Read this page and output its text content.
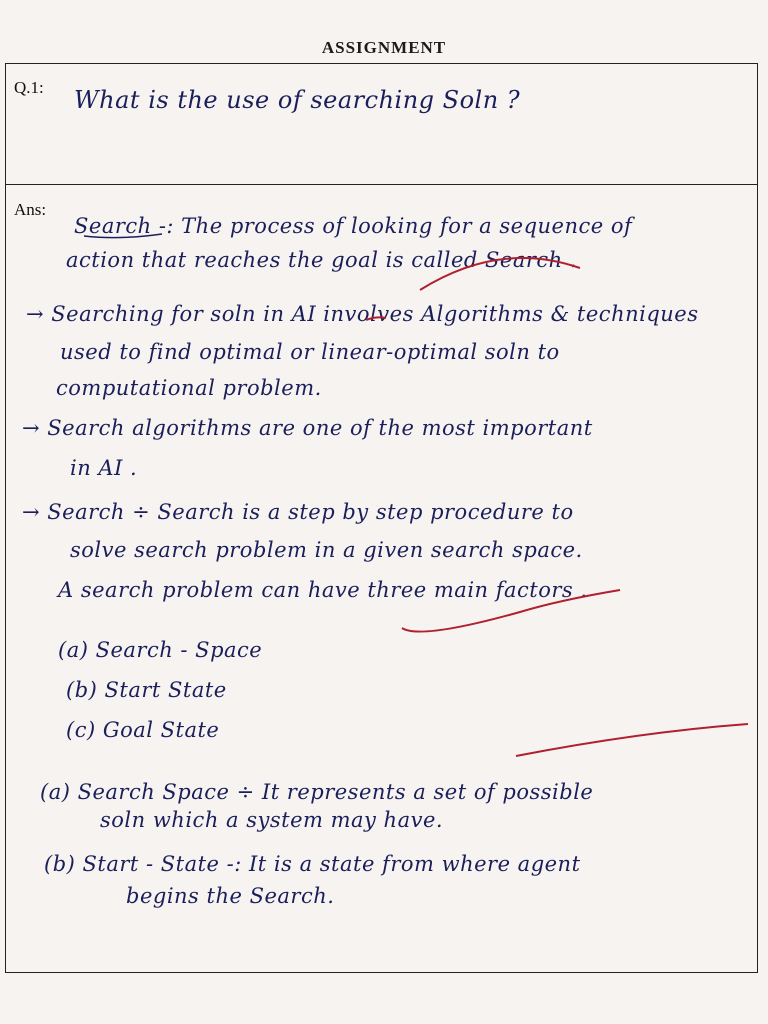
ASSIGNMENT
Q.1: What is the use of searching Soln ?
Ans:
Search -: The process of looking for a sequence of
action that reaches the goal is called Search .
→ Searching for soln in AI involves Algorithms & techniques
used to find optimal or linear-optimal soln to
computational problem.
→ Search algorithms are one of the most important
in AI .
→ Search ÷ Search is a step by step procedure to
solve search problem in a given search space.
A search problem can have three main factors .
(a) Search - Space
(b) Start State
(c) Goal State
(a) Search Space ÷ It represents a set of possible
soln which a system may have.
(b) Start - State -: It is a state from where agent
begins the Search.
